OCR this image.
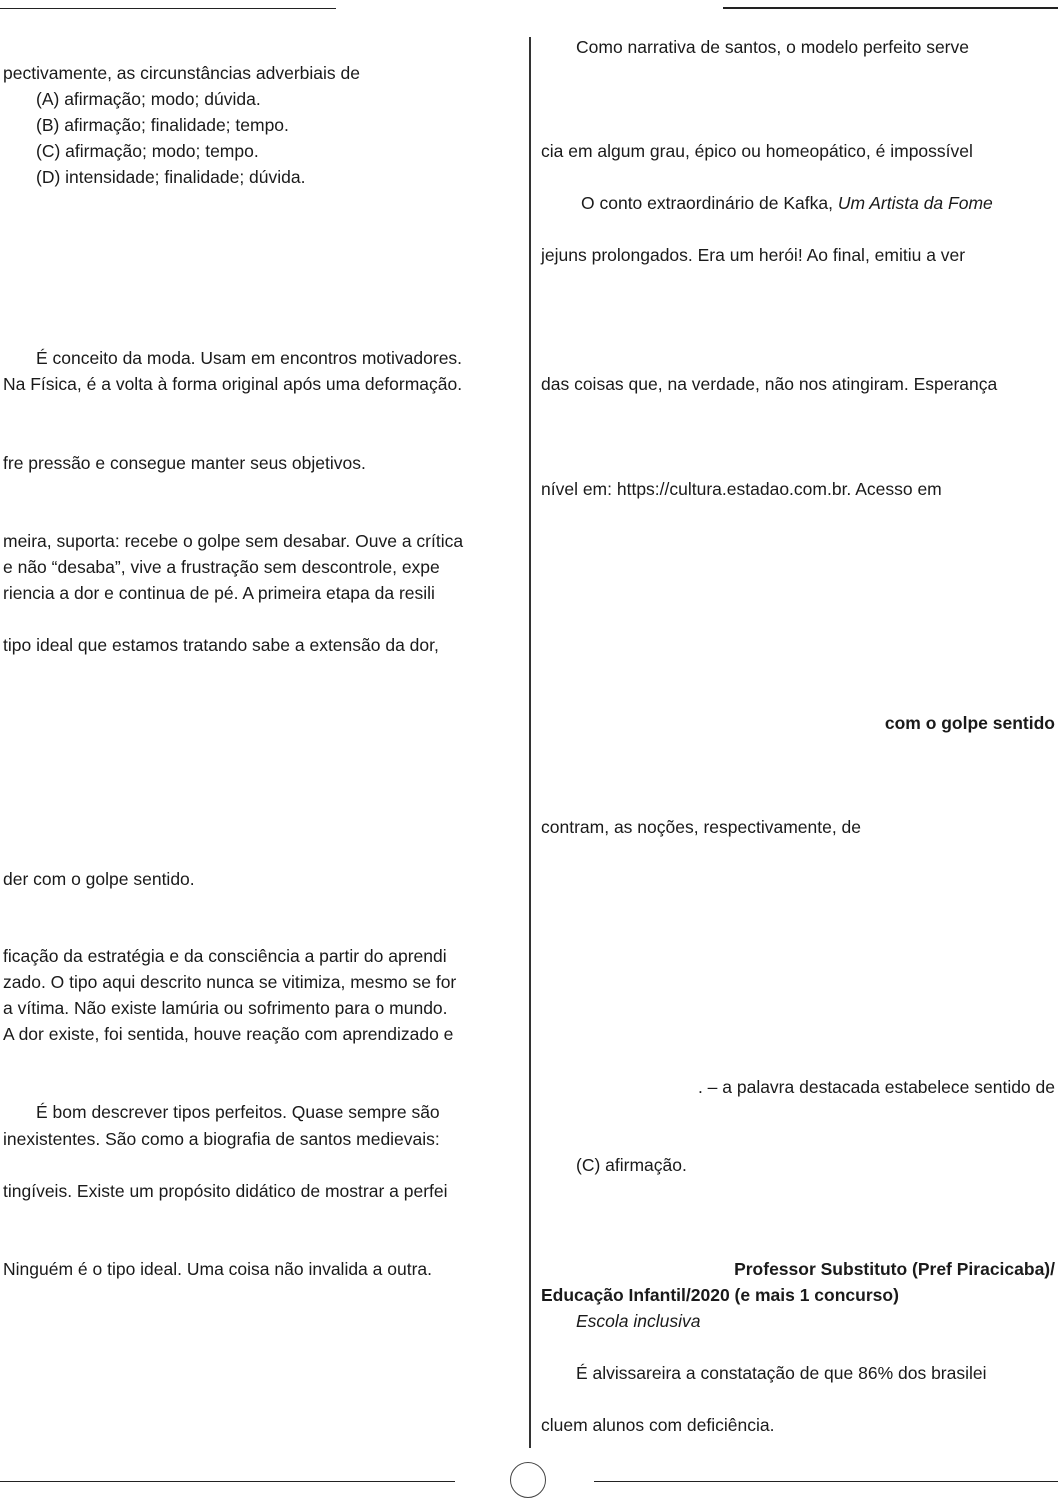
pectivamente, as circunstâncias adverbiais de
(A) afirmação; modo; dúvida.
(B) afirmação; finalidade; tempo.
(C) afirmação; modo; tempo.
(D) intensidade; finalidade; dúvida.
É conceito da moda. Usam em encontros motivadores.
Na Física, é a volta à forma original após uma deformação.
fre pressão e consegue manter seus objetivos.
meira, suporta: recebe o golpe sem desabar. Ouve a crítica
e não “desaba”, vive a frustração sem descontrole, expe
riencia a dor e continua de pé. A primeira etapa da resili
tipo ideal que estamos tratando sabe a extensão da dor,
der com o golpe sentido.
ficação da estratégia e da consciência a partir do aprendi
zado. O tipo aqui descrito nunca se vitimiza, mesmo se for
a vítima. Não existe lamúria ou sofrimento para o mundo.
A dor existe, foi sentida, houve reação com aprendizado e
É bom descrever tipos perfeitos. Quase sempre são
inexistentes. São como a biografia de santos medievais:
tingíveis. Existe um propósito didático de mostrar a perfei
Ninguém é o tipo ideal. Uma coisa não invalida a outra.
Como narrativa de santos, o modelo perfeito serve
cia em algum grau, épico ou homeopático, é impossível
O conto extraordinário de Kafka, Um Artista da Fome
jejuns prolongados. Era um herói! Ao final, emitiu a ver
das coisas que, na verdade, não nos atingiram. Esperança
nível em: https://cultura.estadao.com.br. Acesso em
com o golpe sentido
contram, as noções, respectivamente, de
. – a palavra destacada estabelece sentido de
(C) afirmação.
Professor Substituto (Pref Piracicaba)/
Educação Infantil/2020 (e mais 1 concurso)
Escola inclusiva
É alvissareira a constatação de que 86% dos brasilei
cluem alunos com deficiência.
